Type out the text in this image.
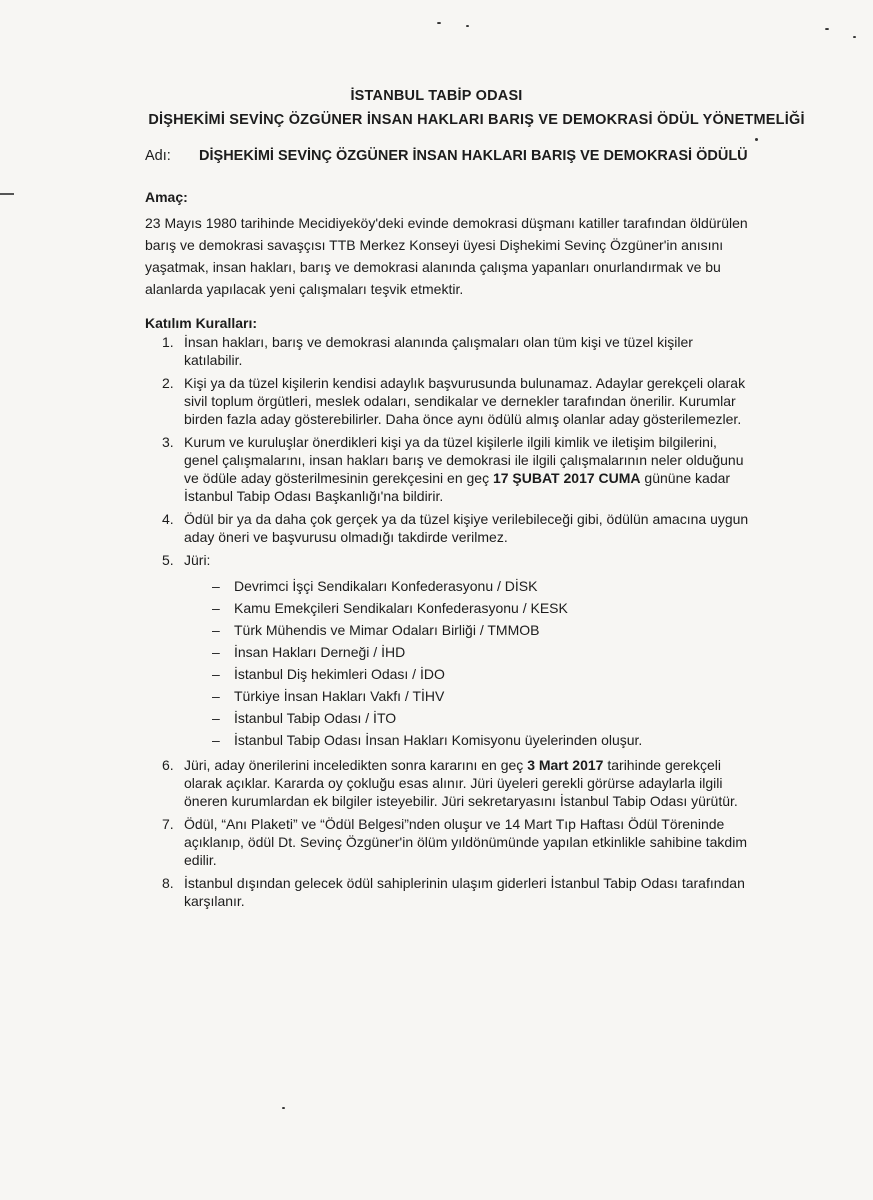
İSTANBUL TABİP ODASI
DİŞHEKİMİ SEVİNÇ ÖZGÜNER İNSAN HAKLARI BARIŞ VE DEMOKRASİ ÖDÜL YÖNETMELİĞİ
Adı: DİŞHEKİMİ SEVİNÇ ÖZGÜNER İNSAN HAKLARI BARIŞ VE DEMOKRASİ ÖDÜLÜ
Amaç:
23 Mayıs 1980 tarihinde Mecidiyeköy'deki evinde demokrasi düşmanı katiller tarafından öldürülen barış ve demokrasi savaşçısı TTB Merkez Konseyi üyesi Dişhekimi Sevinç Özgüner'in anısını yaşatmak, insan hakları, barış ve demokrasi alanında çalışma yapanları onurlandırmak ve bu alanlarda yapılacak yeni çalışmaları teşvik etmektir.
Katılım Kuralları:
1. İnsan hakları, barış ve demokrasi alanında çalışmaları olan tüm kişi ve tüzel kişiler katılabilir.
2. Kişi ya da tüzel kişilerin kendisi adaylık başvurusunda bulunamaz. Adaylar gerekçeli olarak sivil toplum örgütleri, meslek odaları, sendikalar ve dernekler tarafından önerilir. Kurumlar birden fazla aday gösterebilirler. Daha önce aynı ödülü almış olanlar aday gösterilemezler.
3. Kurum ve kuruluşlar önerdikleri kişi ya da tüzel kişilerle ilgili kimlik ve iletişim bilgilerini, genel çalışmalarını, insan hakları barış ve demokrasi ile ilgili çalışmalarının neler olduğunu ve ödüle aday gösterilmesinin gerekçesini en geç 17 ŞUBAT 2017 CUMA gününe kadar İstanbul Tabip Odası Başkanlığı'na bildirir.
4. Ödül bir ya da daha çok gerçek ya da tüzel kişiye verilebileceği gibi, ödülün amacına uygun aday öneri ve başvurusu olmadığı takdirde verilmez.
5. Jüri:
– Devrimci İşçi Sendikaları Konfederasyonu / DİSK
– Kamu Emekçileri Sendikaları Konfederasyonu / KESK
– Türk Mühendis ve Mimar Odaları Birliği / TMMOB
– İnsan Hakları Derneği / İHD
– İstanbul Diş hekimleri Odası / İDO
– Türkiye İnsan Hakları Vakfı / TİHV
– İstanbul Tabip Odası / İTO
– İstanbul Tabip Odası İnsan Hakları Komisyonu üyelerinden oluşur.
6. Jüri, aday önerilerini inceledikten sonra kararını en geç 3 Mart 2017 tarihinde gerekçeli olarak açıklar. Kararda oy çokluğu esas alınır. Jüri üyeleri gerekli görürse adaylarla ilgili öneren kurumlardan ek bilgiler isteyebilir. Jüri sekretaryasını İstanbul Tabip Odası yürütür.
7. Ödül, “Anı Plaketi” ve “Ödül Belgesi”nden oluşur ve 14 Mart Tıp Haftası Ödül Töreninde açıklanıp, ödül Dt. Sevinç Özgüner'in ölüm yıldönümünde yapılan etkinlikle sahibine takdim edilir.
8. İstanbul dışından gelecek ödül sahiplerinin ulaşım giderleri İstanbul Tabip Odası tarafından karşılanır.
